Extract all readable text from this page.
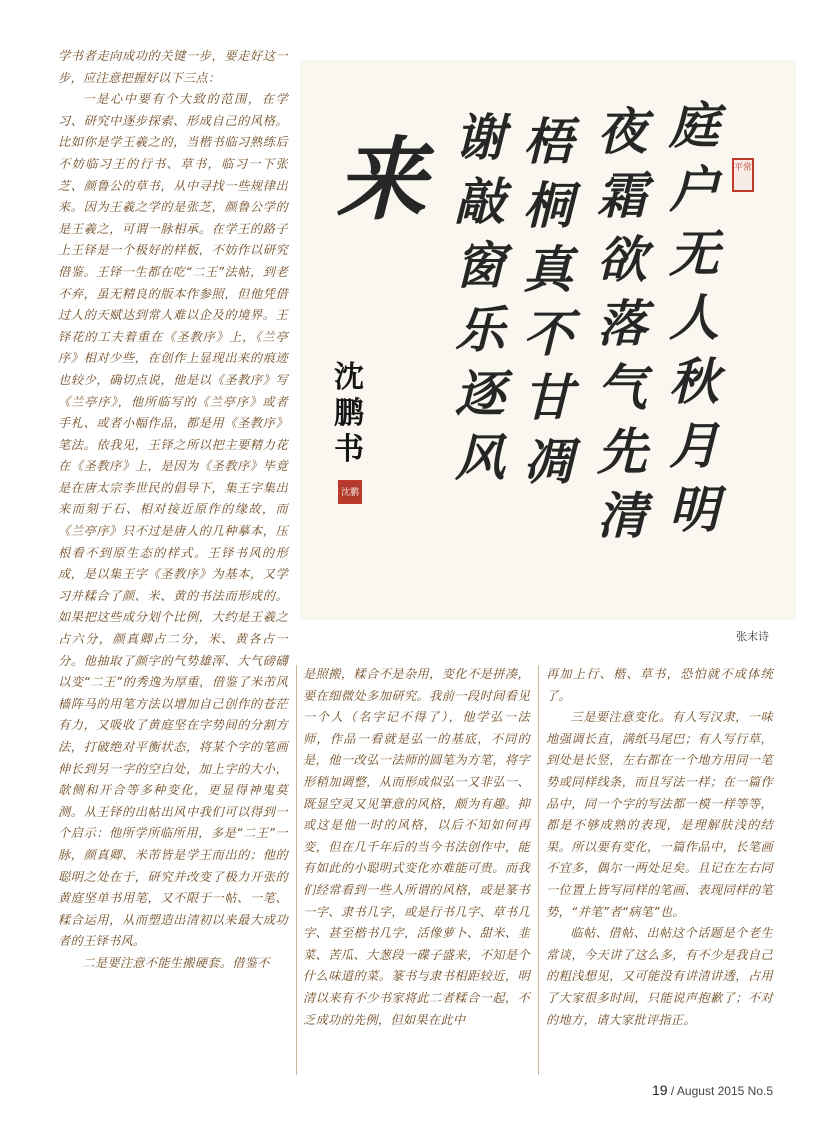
学书者走向成功的关键一步，要走好这一步，应注意把握好以下三点：

一是心中要有个大致的范围，在学习、研究中逐步探索、形成自己的风格。比如你是学王羲之的，当楷书临习熟练后不妨临习王的行书、草书，临习一下张芝、颜鲁公的草书，从中寻找一些规律出来。因为王羲之学的是张芝，颜鲁公学的是王羲之，可谓一脉相承。在学王的路子上王铎是一个极好的样板，不妨作以研究借鉴。王铎一生都在吃“二王”法帖，到老不弃，虽无精良的版本作参照，但他凭借过人的天赋达到常人难以企及的境界。王铎花的工夫着重在《圣教序》上，《兰亭序》相对少些，在创作上显现出来的痕迹也较少，确切点说，他是以《圣教序》写《兰亭序》，他所临写的《兰亭序》或者手札、或者小幅作品，都是用《圣教序》笔法。依我见，王铎之所以把主要精力花在《圣教序》上，是因为《圣教序》毕竟是在唐太宗李世民的倡导下，集王字集出来而刻于石、相对接近原作的缘故，而《兰亭序》只不过是唐人的几种摹本，压根看不到原生态的样式。王铎书风的形成，是以集王字《圣教序》为基本，又学习并糅合了颜、米、黄的书法而形成的。如果把这些成分划个比例，大约是王羲之占六分，颜真卿占二分，米、黄各占一分。他抽取了颜字的气势雄浑、大气磅礴以变“二王”的秀逸为厚重，借鉴了米芾风樯阵马的用笔方法以增加自己创作的苍茫有力，又吸收了黄庭坚在字势间的分割方法，打破绝对平衡状态，将某个字的笔画伸长到另一字的空白处，加上字的大小，欹侧和开合等多种变化，更显得神鬼莫测。从王铎的出帖出风中我们可以得到一个启示：他所学所临所用，多是“二王”一脉，颜真卿、米芾皆是学王而出的；他的聪明之处在于，研究并改变了极力开张的黄庭坚单书用笔，又不限于一帖、一笔、糅合运用，从而塑造出清初以来最大成功者的王铎书风。

二是要注意不能生搬硬套。借鉴不

是照搬，糅合不是杂用，变化不是拼凑，要在细微处多加研究。我前一段时间看见一个人（名字记不得了），他学弘一法师，作品一看就是弘一的基底，不同的是，他一改弘一法师的圆笔为方笔，将字形稍加调整，从而形成似弘一又非弘一、既显空灵又见筆意的风格，颇为有趣。抑或这是他一时的风格，以后不知如何再变，但在几千年后的当今书法创作中，能有如此的小聪明式变化亦难能可贵。而我们经常看到一些人所谓的风格，或是篆书一字、隶书几字，或是行书几字、草书几字、甚至楷书几字，活像萝卜、甜米、韭菜、苦瓜、大葱段一碟子盛来，不知是个什么味道的菜。篆书与隶书相距较近，明清以来有不少书家将此二者糅合一起，不乏成功的先例，但如果在此中

再加上行、楷、草书，恐怕就不成体统了。

三是要注意变化。有人写汉隶，一味地强调长直，满纸马尾巴；有人写行草，到处是长竖，左右都在一个地方用同一笔势或同样线条，而且写法一样；在一篇作品中，同一个字的写法都一模一样等等，都是不够成熟的表现，是理解肤浅的结果。所以要有变化，一篇作品中，长笔画不宜多，偶尔一两处足矣。且记在左右同一位置上皆写同样的笔画、表现同样的笔势，“并笔”者“病笔”也。

临帖、借帖、出帖这个话题是个老生常谈，今天讲了这么多，有不少是我自己的粗浅想见，又可能没有讲清讲透，占用了大家很多时间，只能说声抱歉了；不对的地方，请大家批评指正。

庭户无人秋月明
夜霜欲落气先清
梧桐真不甘凋
谢敲窗乐逐风
来	平常
沈鹏书
沈鹏
张末诗
19 / August 2015 No.5
